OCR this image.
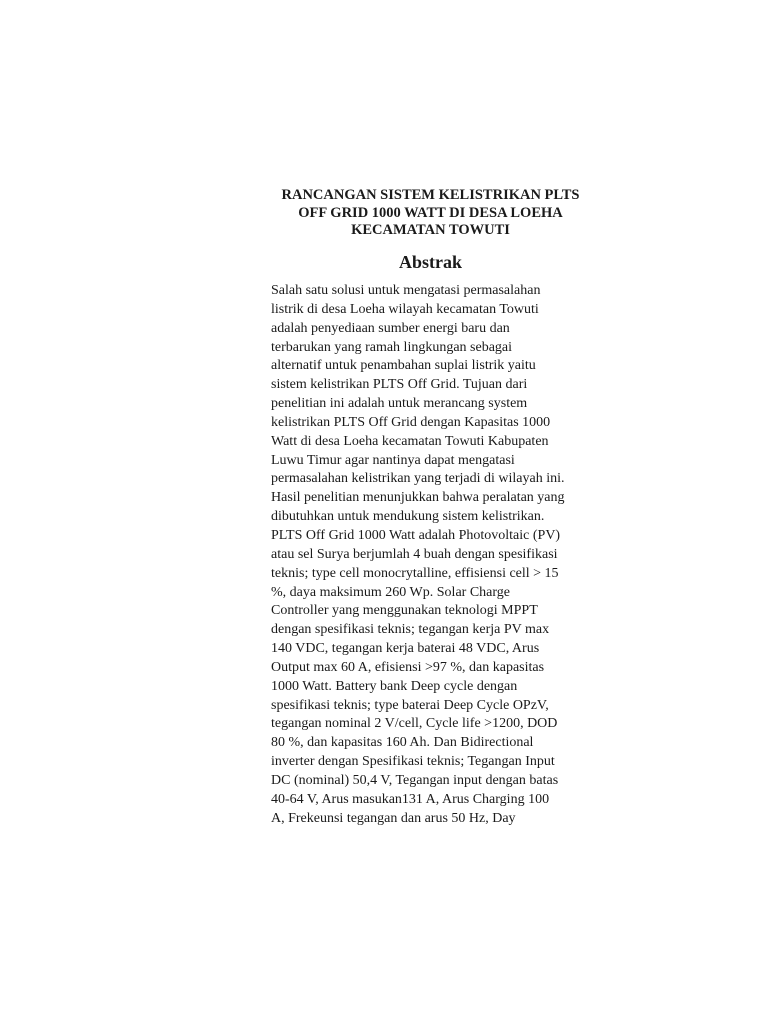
RANCANGAN SISTEM KELISTRIKAN PLTS
OFF GRID 1000 WATT DI DESA LOEHA
KECAMATAN TOWUTI
Abstrak
Salah satu solusi untuk mengatasi permasalahan
listrik di desa Loeha wilayah kecamatan Towuti
adalah penyediaan sumber energi baru dan
terbarukan yang ramah lingkungan sebagai
alternatif untuk penambahan suplai listrik yaitu
sistem kelistrikan PLTS Off Grid. Tujuan dari
penelitian ini adalah untuk merancang system
kelistrikan PLTS Off Grid dengan Kapasitas 1000
Watt di desa Loeha kecamatan Towuti Kabupaten
Luwu Timur agar nantinya dapat mengatasi
permasalahan kelistrikan yang terjadi di wilayah ini.
Hasil penelitian menunjukkan bahwa peralatan yang
dibutuhkan untuk mendukung sistem kelistrikan.
PLTS Off Grid 1000 Watt adalah Photovoltaic (PV)
atau sel Surya berjumlah 4 buah dengan spesifikasi
teknis; type cell monocrytalline, effisiensi cell > 15
%, daya maksimum 260 Wp. Solar Charge
Controller yang menggunakan teknologi MPPT
dengan spesifikasi teknis; tegangan kerja PV max
140 VDC, tegangan kerja baterai 48 VDC, Arus
Output max 60 A, efisiensi >97 %, dan kapasitas
1000 Watt. Battery bank Deep cycle dengan
spesifikasi teknis; type baterai Deep Cycle OPzV,
tegangan nominal 2 V/cell, Cycle life >1200, DOD
80 %, dan kapasitas 160 Ah. Dan Bidirectional
inverter dengan Spesifikasi teknis; Tegangan Input
DC (nominal) 50,4 V, Tegangan input dengan batas
40-64 V, Arus masukan131 A, Arus Charging 100
A, Frekeunsi tegangan dan arus 50 Hz, Day
